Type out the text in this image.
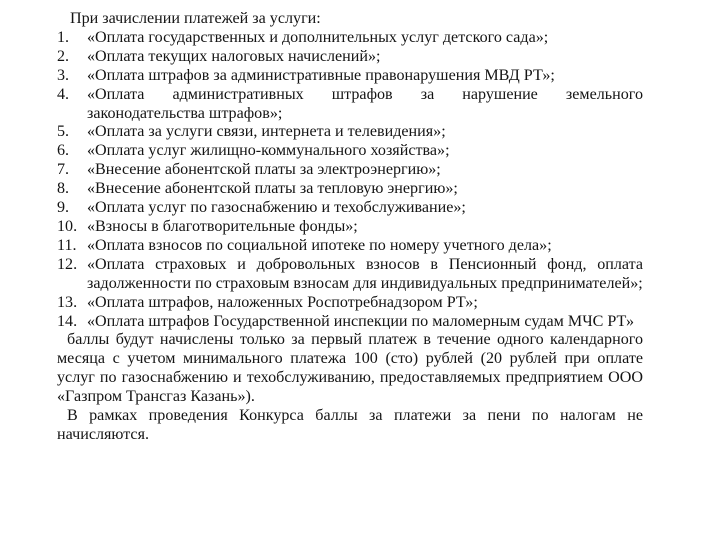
При зачислении платежей за услуги:

1.	«Оплата государственных и дополнительных услуг детского сада»;
2.	«Оплата текущих налоговых начислений»;
3.	«Оплата штрафов за административные правонарушения МВД РТ»;
4.	«Оплата административных штрафов за нарушение земельного законодательства штрафов»;
5.	«Оплата за услуги связи, интернета и телевидения»;
6.	«Оплата услуг жилищно-коммунального хозяйства»;
7.	«Внесение абонентской платы за электроэнергию»;
8.	«Внесение абонентской платы за тепловую энергию»;
9.	«Оплата услуг по газоснабжению и техобслуживание»;
10. «Взносы в благотворительные фонды»;
11. «Оплата взносов по социальной ипотеке по номеру учетного дела»;
12. «Оплата страховых и добровольных взносов в Пенсионный фонд, оплата задолженности по страховым взносам для индивидуальных предпринимателей»;
13. «Оплата штрафов, наложенных Роспотребнадзором РТ»;
14. «Оплата штрафов Государственной инспекции по маломерным судам МЧС РТ»

баллы будут начислены только за первый платеж в течение одного календарного месяца с учетом минимального платежа 100 (сто) рублей (20 рублей при оплате услуг по газоснабжению и техобслуживанию, предоставляемых предприятием ООО «Газпром Трансгаз Казань»).

В рамках проведения Конкурса баллы за платежи за пени по налогам не начисляются.
